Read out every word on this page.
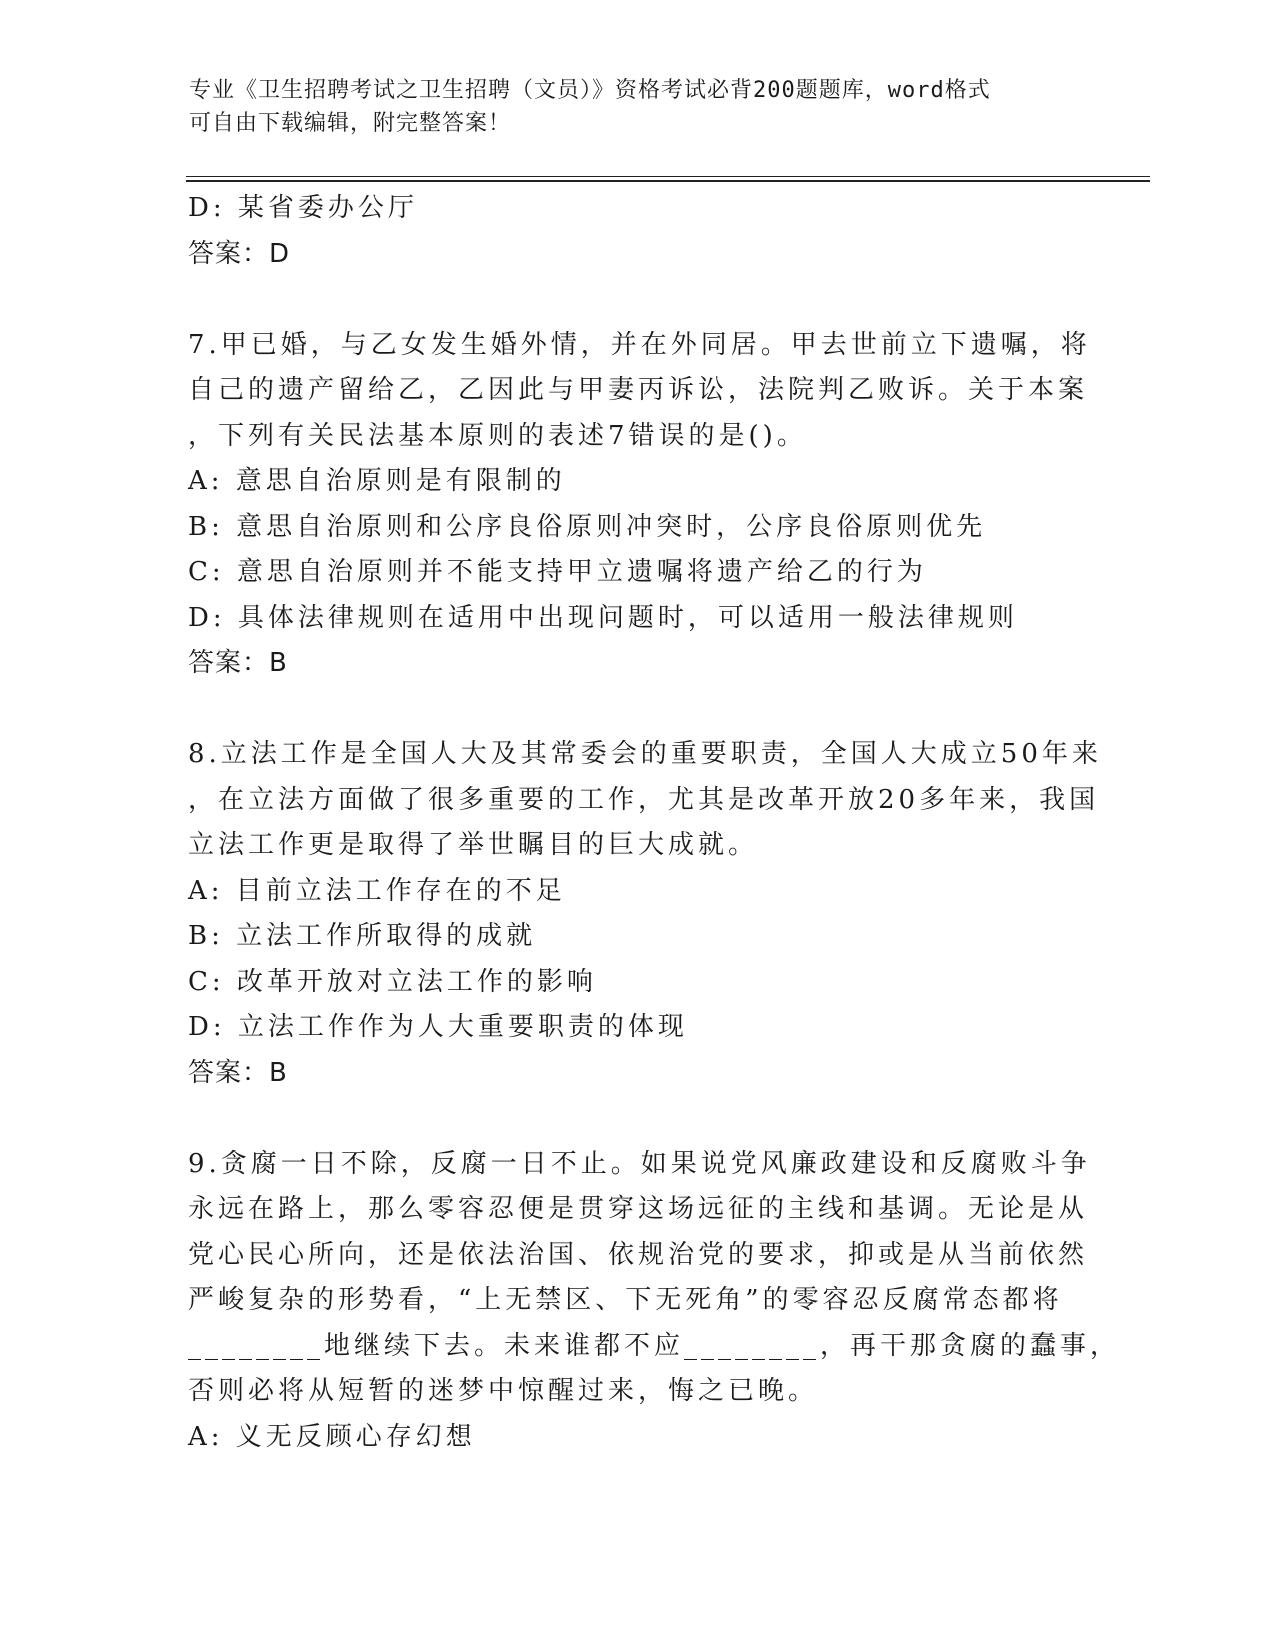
专业《卫生招聘考试之卫生招聘（文员）》资格考试必背200题题库，word格式
可自由下载编辑，附完整答案！
D: 某省委办公厅
答案：D
7.甲已婚，与乙女发生婚外情，并在外同居。甲去世前立下遗嘱，将
自己的遗产留给乙，乙因此与甲妻丙诉讼，法院判乙败诉。关于本案
，下列有关民法基本原则的表述7错误的是()。
A: 意思自治原则是有限制的
B: 意思自治原则和公序良俗原则冲突时，公序良俗原则优先
C: 意思自治原则并不能支持甲立遗嘱将遗产给乙的行为
D: 具体法律规则在适用中出现问题时，可以适用一般法律规则
答案：B
8.立法工作是全国人大及其常委会的重要职责，全国人大成立50年来
，在立法方面做了很多重要的工作，尤其是改革开放20多年来，我国
立法工作更是取得了举世瞩目的巨大成就。
A: 目前立法工作存在的不足
B: 立法工作所取得的成就
C: 改革开放对立法工作的影响
D: 立法工作作为人大重要职责的体现
答案：B
9.贪腐一日不除，反腐一日不止。如果说党风廉政建设和反腐败斗争
永远在路上，那么零容忍便是贯穿这场远征的主线和基调。无论是从
党心民心所向，还是依法治国、依规治党的要求，抑或是从当前依然
严峻复杂的形势看，“上无禁区、下无死角”的零容忍反腐常态都将
________地继续下去。未来谁都不应________，再干那贪腐的蠢事，
否则必将从短暂的迷梦中惊醒过来，悔之已晚。
A: 义无反顾心存幻想
